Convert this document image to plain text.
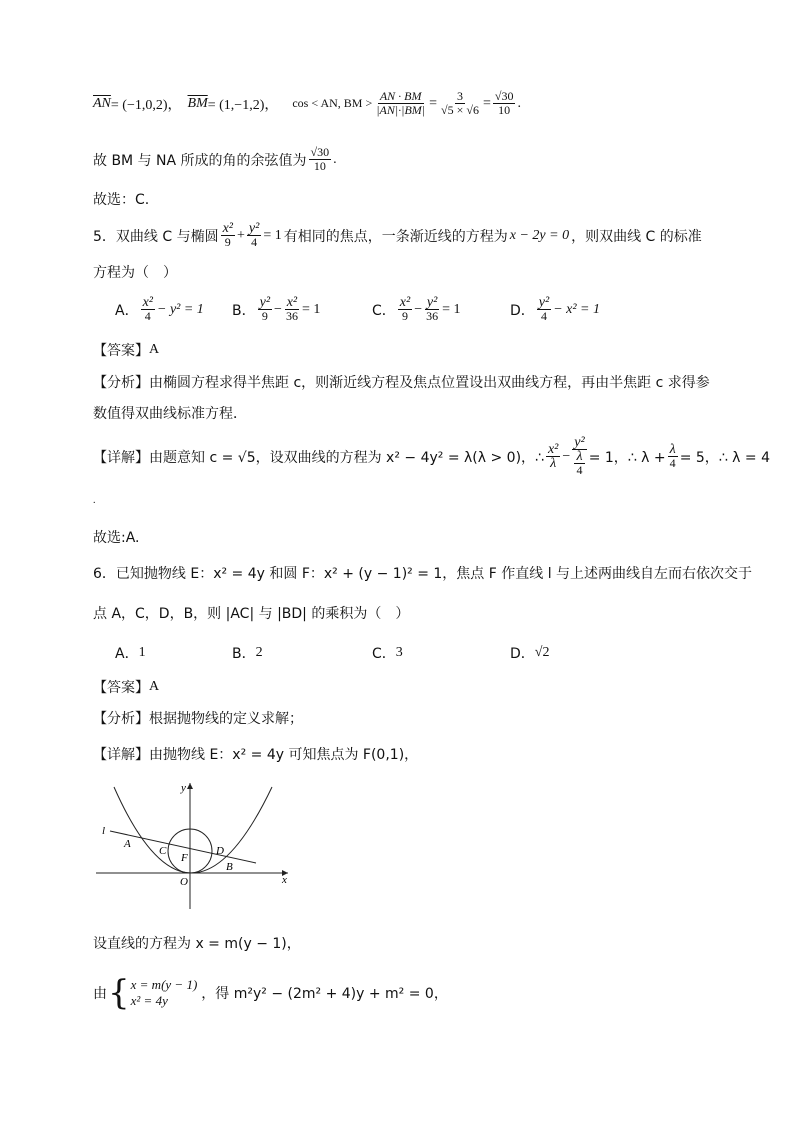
$\overline{AN} = (-1,0,2)$， $\overline{BM} = (1,-1,2)$， cos < AN, BM > $\frac{AN \cdot BM}{|AN|\cdot|BM|} = \frac{3}{√5 \times √6} = \frac{√30}{10}$ .
故 BM 与 NA 所成的角的余弦值为 $\frac{√30}{10}$ .
故选：C.
5．双曲线 C 与椭圆 $\frac{\text{x²}}{9} + \frac{\text{y²}}{4} = 1$ 有相同的焦点，一条渐近线的方程为 x − 2y = 0 ，则双曲线 C 的标准
方程为（　）
A． $\frac{\text{x²}}{4} - y^2 = 1$ B． $\frac{\text{y²}}{9} - \frac{\text{x²}}{36} = 1$	C． $\frac{\text{x²}}{9} - \frac{\text{y²}}{36} = 1$	D． $\frac{\text{y²}}{4} - x^2 = 1$
【答案】 A
【分析】 由椭圆方程求得半焦距 c，则渐近线方程及焦点位置设出双曲线方程，再由半焦距 c 求得参
数值得双曲线标准方程．
【详解】 由题意知 c = √5，设双曲线的方程为 x² − 4y² = λ(λ > 0)，∴ $\frac{\text{x²}}{\lambda} - y^2$
λ
4 = 1，∴ $\lambda + \frac{\lambda}{4} = 5$，∴ λ = 4
.
故选:A.
6．已知抛物线 E：x² = 4y 和圆 F：x² + (y − 1)² = 1，焦点 F 作直线 l 与上述两曲线自左而右依次交于
点 A，C，D，B，则 |AC| 与 |BD| 的乘积为（　）
A． 1	B． 2	C． 3	D． √2
【答案】 A
【分析】 根据抛物线的定义求解；
【详解】 由抛物线 E：x² = 4y 可知焦点为 F(0,1)，
y
x
l
A
C
F
D
B
O
设直线的方程为 x = m(y − 1)，
由 { x = m(y − 1)
x² = 4y	，得 m²y² − (2m² + 4)y + m² = 0，
